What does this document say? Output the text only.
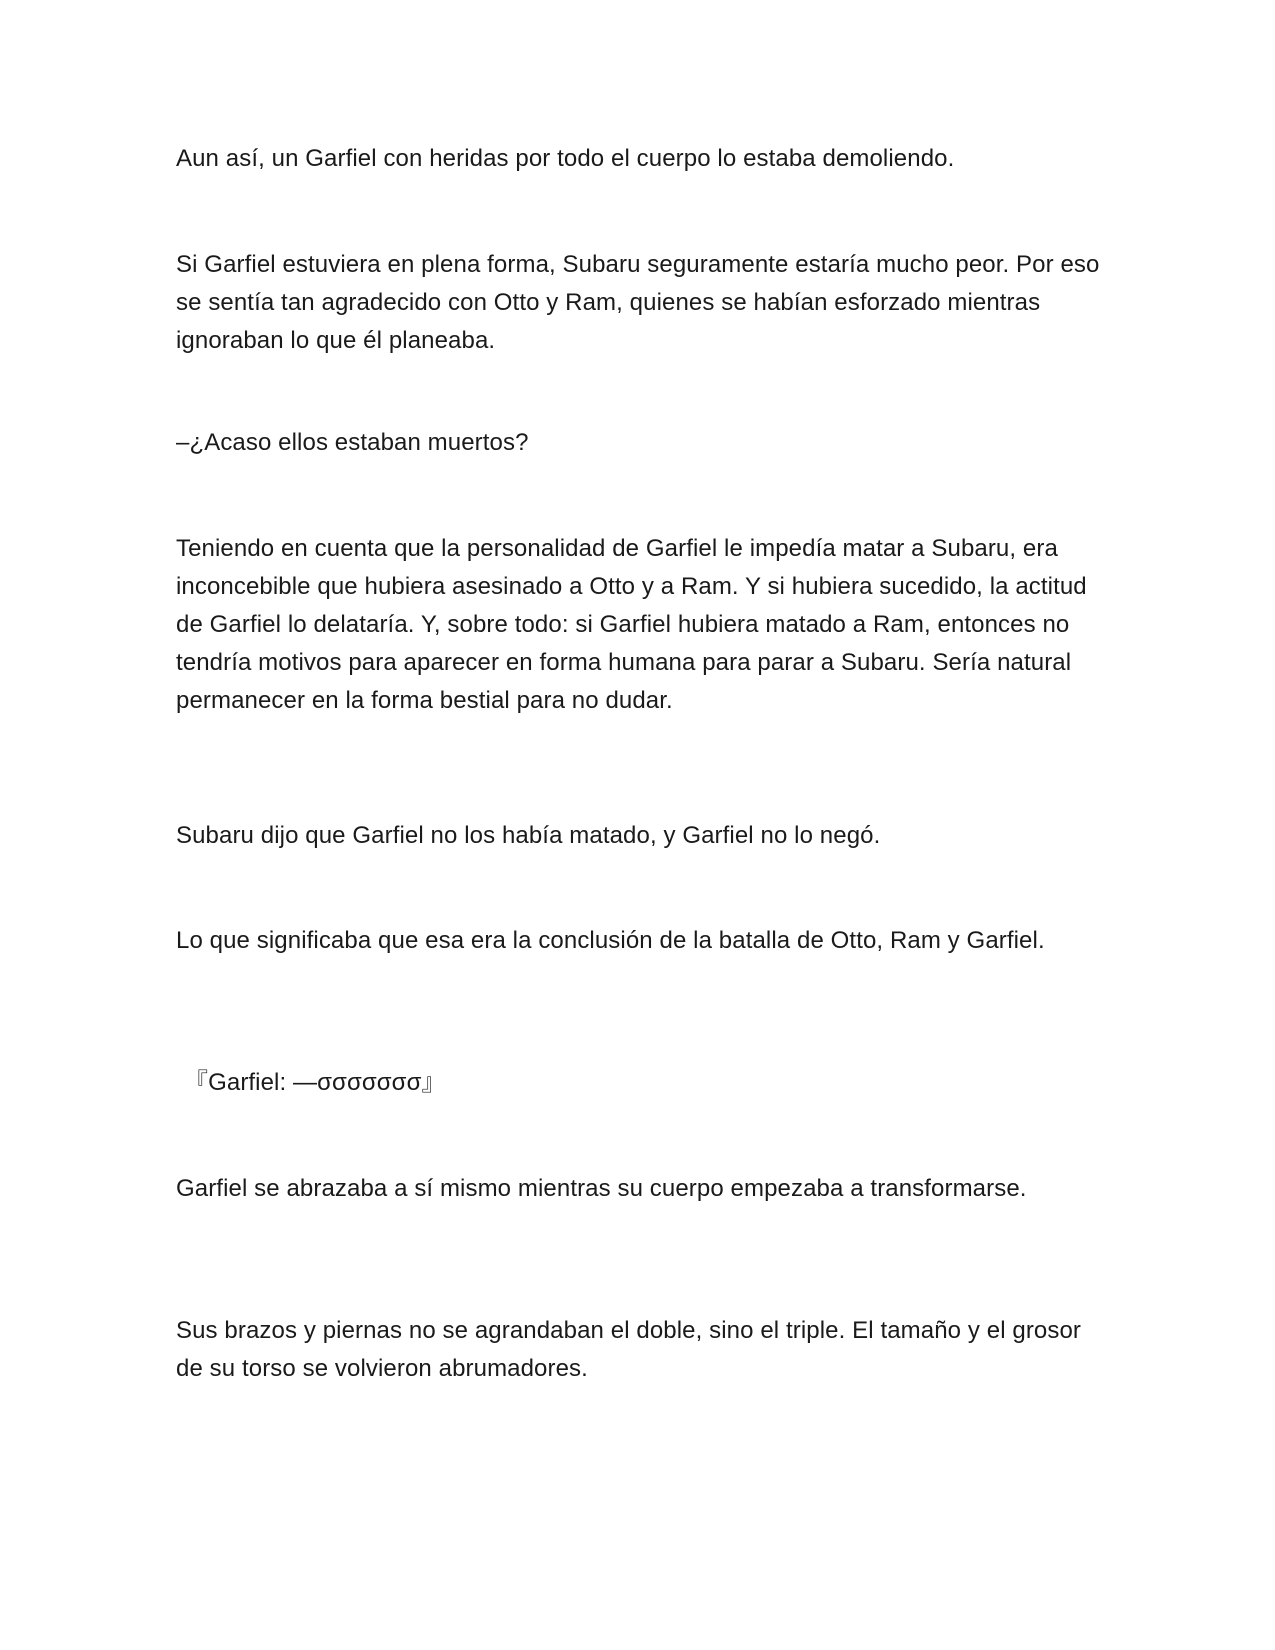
Aun así, un Garfiel con heridas por todo el cuerpo lo estaba demoliendo.

Si Garfiel estuviera en plena forma, Subaru seguramente estaría mucho peor. Por eso se sentía tan agradecido con Otto y Ram, quienes se habían esforzado mientras ignoraban lo que él planeaba.

–¿Acaso ellos estaban muertos?

Teniendo en cuenta que la personalidad de Garfiel le impedía matar a Subaru, era inconcebible que hubiera asesinado a Otto y a Ram. Y si hubiera sucedido, la actitud de Garfiel lo delataría. Y, sobre todo: si Garfiel hubiera matado a Ram, entonces no tendría motivos para aparecer en forma humana para parar a Subaru. Sería natural permanecer en la forma bestial para no dudar.

Subaru dijo que Garfiel no los había matado, y Garfiel no lo negó.

Lo que significaba que esa era la conclusión de la batalla de Otto, Ram y Garfiel.

『Garfiel: —σσσσσσσ』

Garfiel se abrazaba a sí mismo mientras su cuerpo empezaba a transformarse.

Sus brazos y piernas no se agrandaban el doble, sino el triple. El tamaño y el grosor de su torso se volvieron abrumadores.
